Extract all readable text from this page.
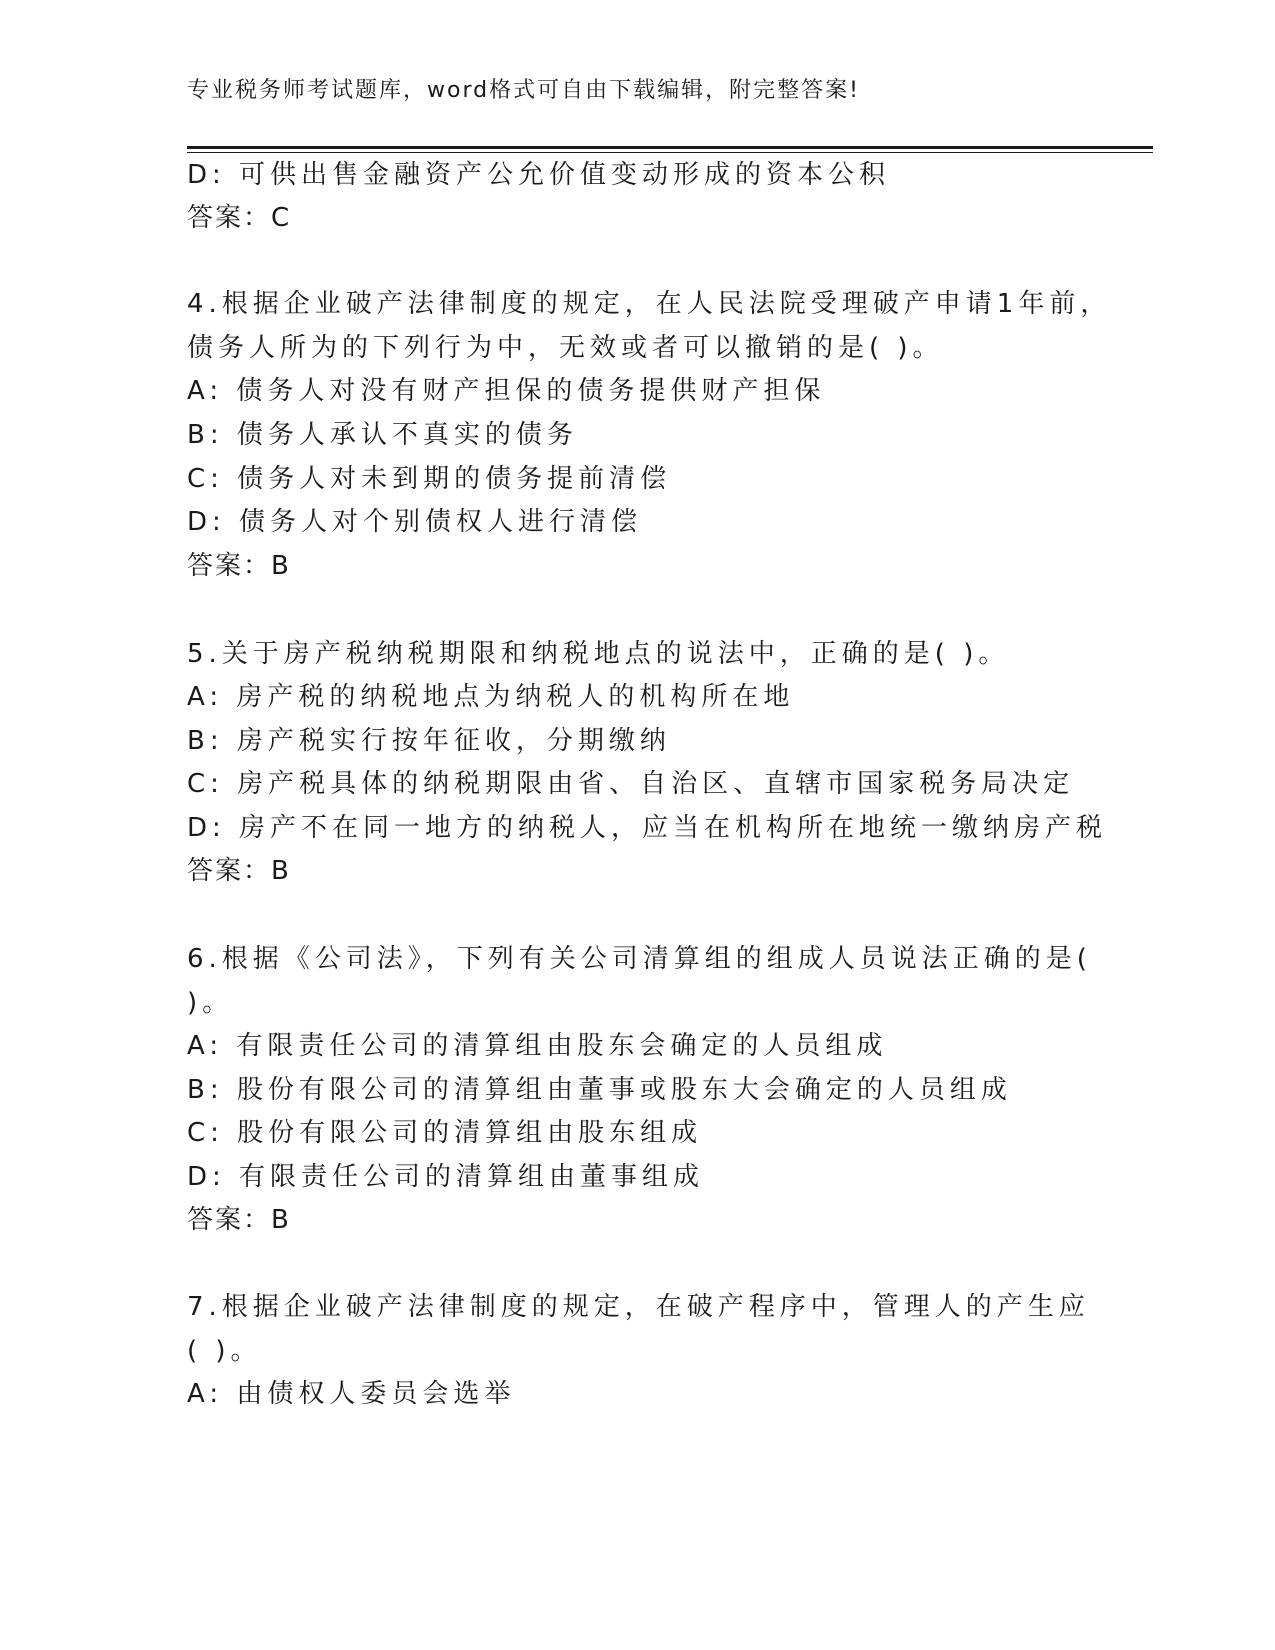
专业税务师考试题库，word格式可自由下载编辑，附完整答案!
D: 可供出售金融资产公允价值变动形成的资本公积
答案：C
4.根据企业破产法律制度的规定，在人民法院受理破产申请1年前，
债务人所为的下列行为中，无效或者可以撤销的是( )。
A: 债务人对没有财产担保的债务提供财产担保
B: 债务人承认不真实的债务
C: 债务人对未到期的债务提前清偿
D: 债务人对个别债权人进行清偿
答案：B
5.关于房产税纳税期限和纳税地点的说法中，正确的是( )。
A: 房产税的纳税地点为纳税人的机构所在地
B: 房产税实行按年征收，分期缴纳
C: 房产税具体的纳税期限由省、自治区、直辖市国家税务局决定
D: 房产不在同一地方的纳税人，应当在机构所在地统一缴纳房产税
答案：B
6.根据《公司法》，下列有关公司清算组的组成人员说法正确的是(
)。
A: 有限责任公司的清算组由股东会确定的人员组成
B: 股份有限公司的清算组由董事或股东大会确定的人员组成
C: 股份有限公司的清算组由股东组成
D: 有限责任公司的清算组由董事组成
答案：B
7.根据企业破产法律制度的规定，在破产程序中，管理人的产生应
( )。
A: 由债权人委员会选举
